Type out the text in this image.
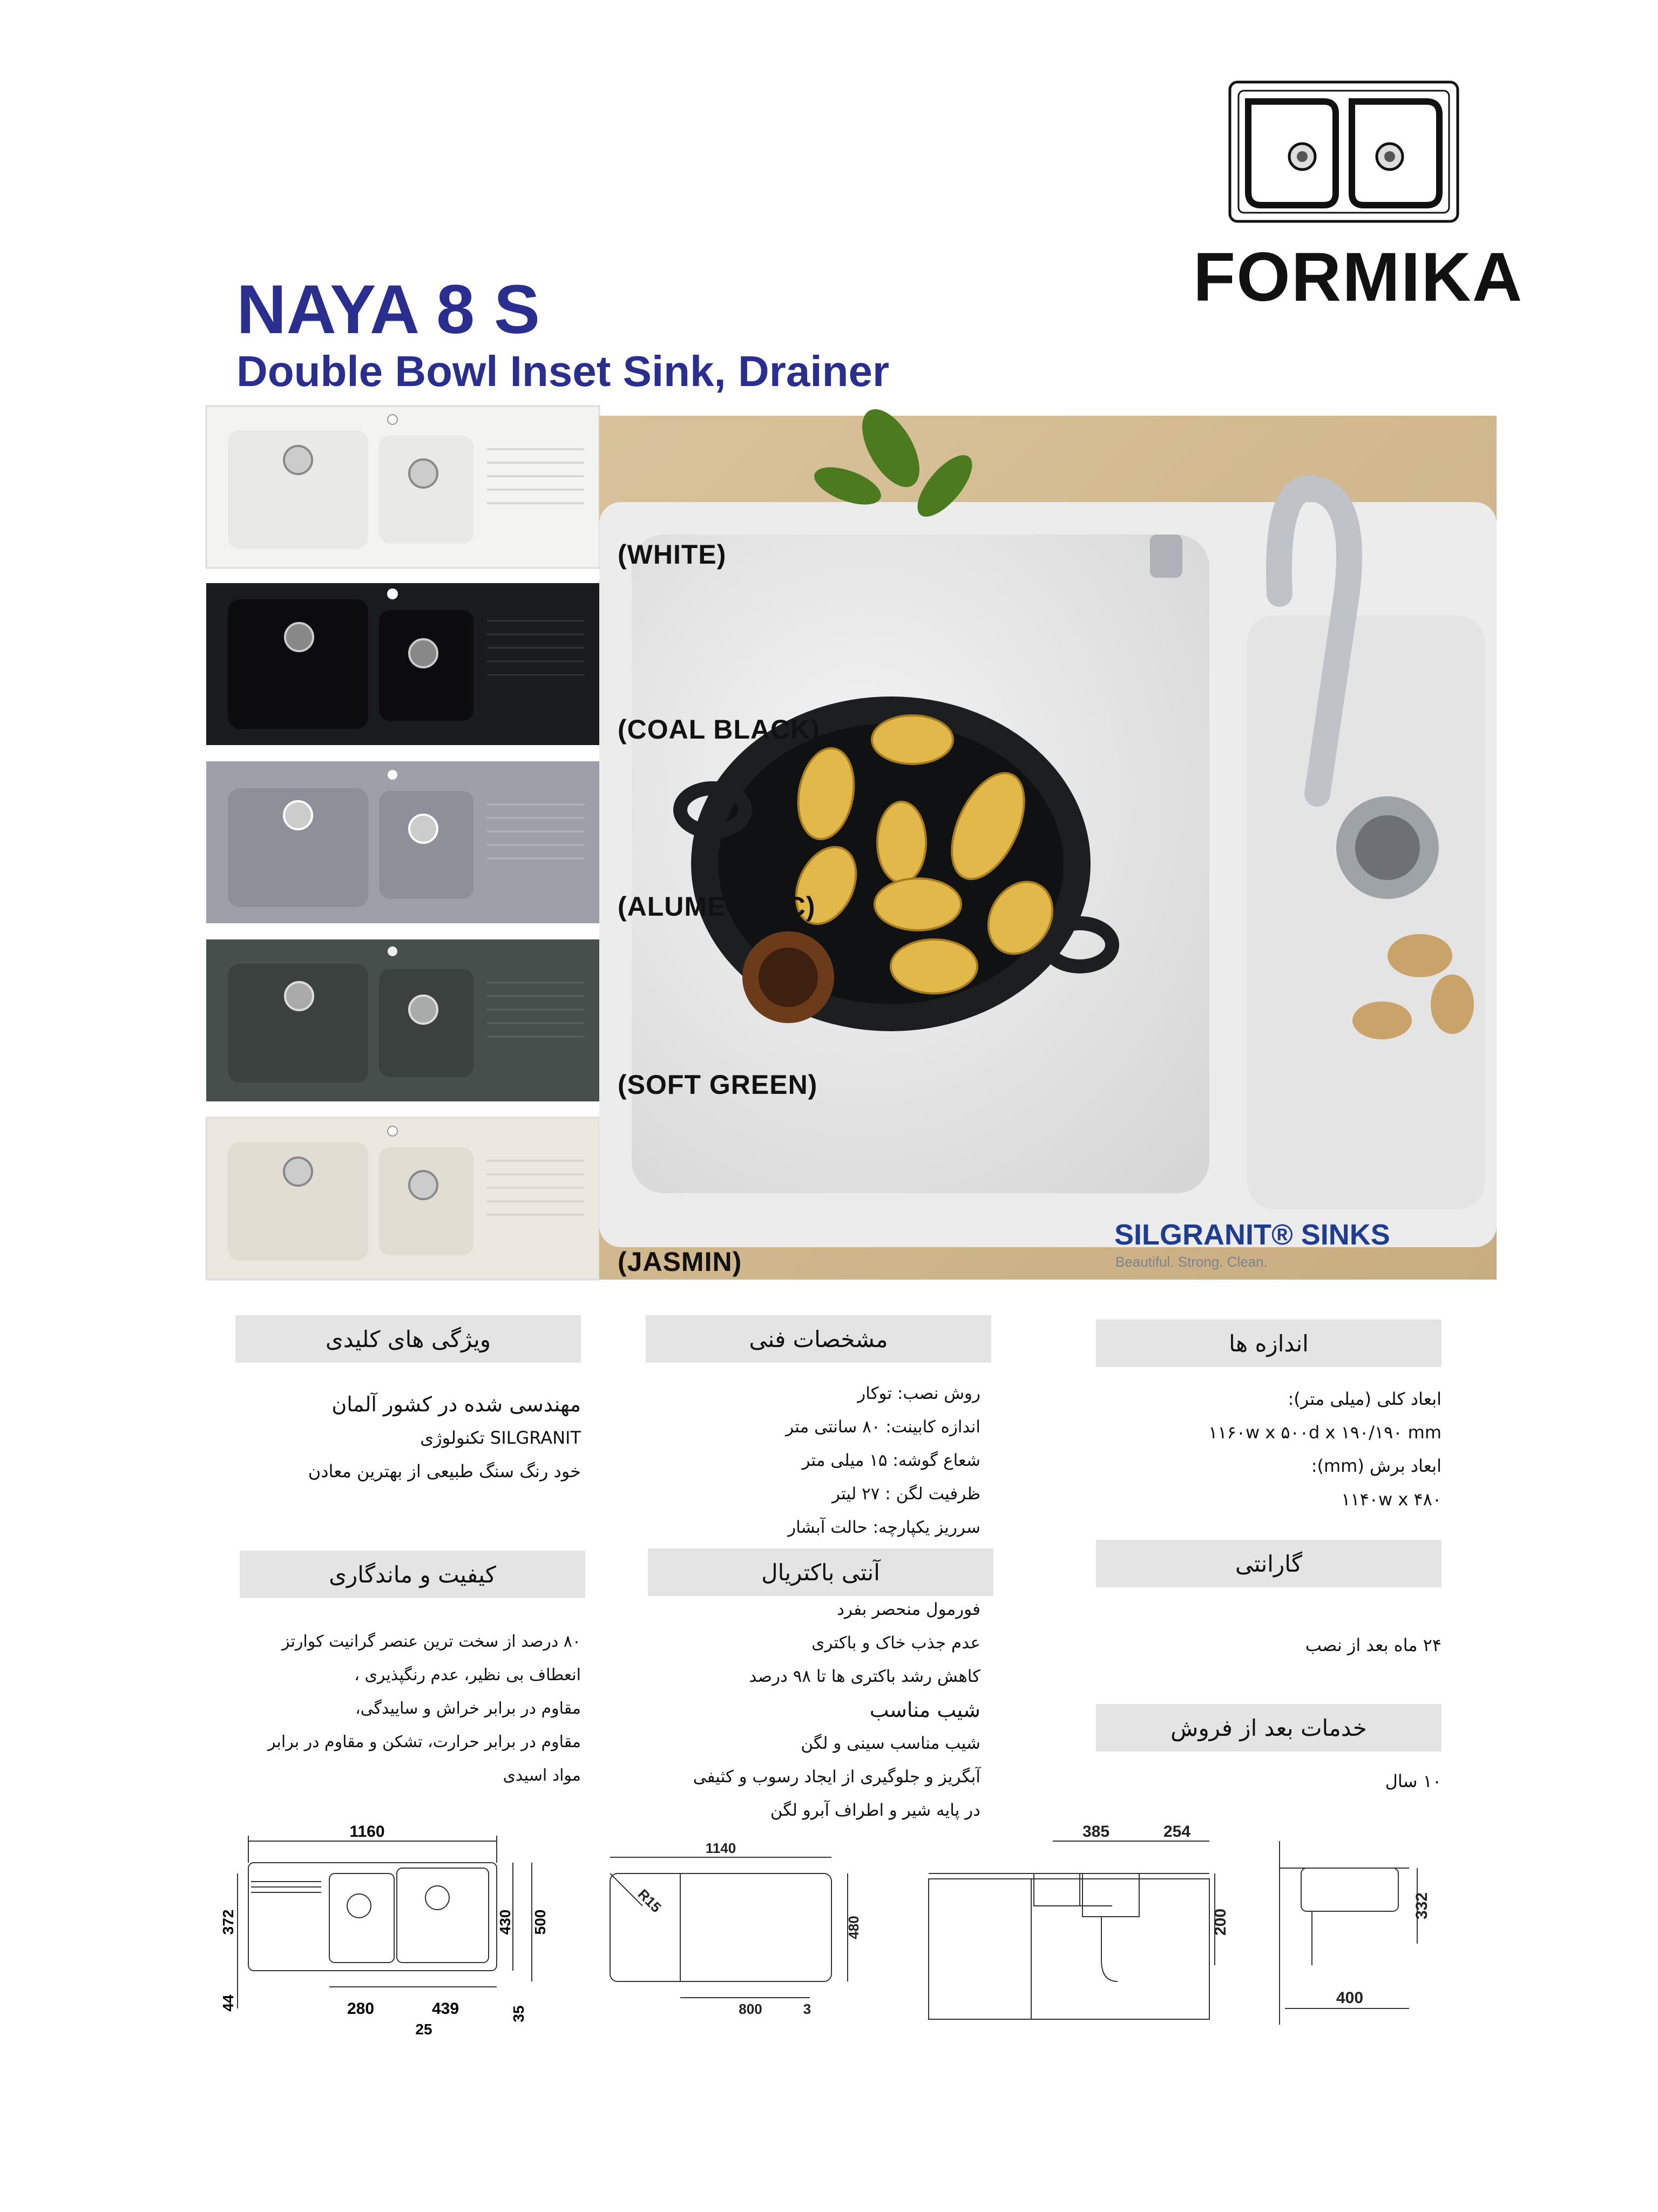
FORMIKA
NAYA 8 S
Double Bowl Inset Sink, Drainer
(WHITE)
(COAL BLACK)
(ALUMETALIC)
(SOFT GREEN)
(JASMIN)
SILGRANIT® SINKS
Beautiful. Strong. Clean.
ویژگی های کلیدی	مشخصات فنی	اندازه ها
مهندسی شده در کشور آلمان
SILGRANIT تکنولوژی
خود رنگ سنگ طبیعی از بهترین معادن
روش نصب: توکار
اندازه کابینت: ۸۰ سانتی متر
شعاع گوشه: ۱۵ میلی متر
ظرفیت لگن : ۲۷ لیتر
سرریز یکپارچه: حالت آبشار
ابعاد کلی (میلی متر):
۱۱۶۰w x ۵۰۰d x ۱۹۰/۱۹۰ mm
ابعاد برش (mm):
۱۱۴۰w x ۴۸۰
کیفیت و ماندگاری	آنتی باکتریال	گارانتی
۸۰ درصد از سخت ترین عنصر گرانیت کوارتز
انعطاف بی نظیر، عدم رنگپذیری ،
مقاوم در برابر خراش و ساییدگی،
مقاوم در برابر حرارت، تشکن و مقاوم در برابر
مواد اسیدی
فورمول منحصر بفرد
عدم جذب خاک و باکتری
کاهش رشد باکتری ها تا ۹۸ درصد
شیب مناسب
شیب مناسب سینی و لگن
آبگریز و جلوگیری از ایجاد رسوب و کثیفی
در پایه شیر و اطراف آبرو لگن
۲۴ ماه بعد از نصب
خدمات بعد از فروش
۱۰ سال
1160
280	439
25
430 500
372
44
35
1140
R15
480
800	3
385	254
200
400
332
